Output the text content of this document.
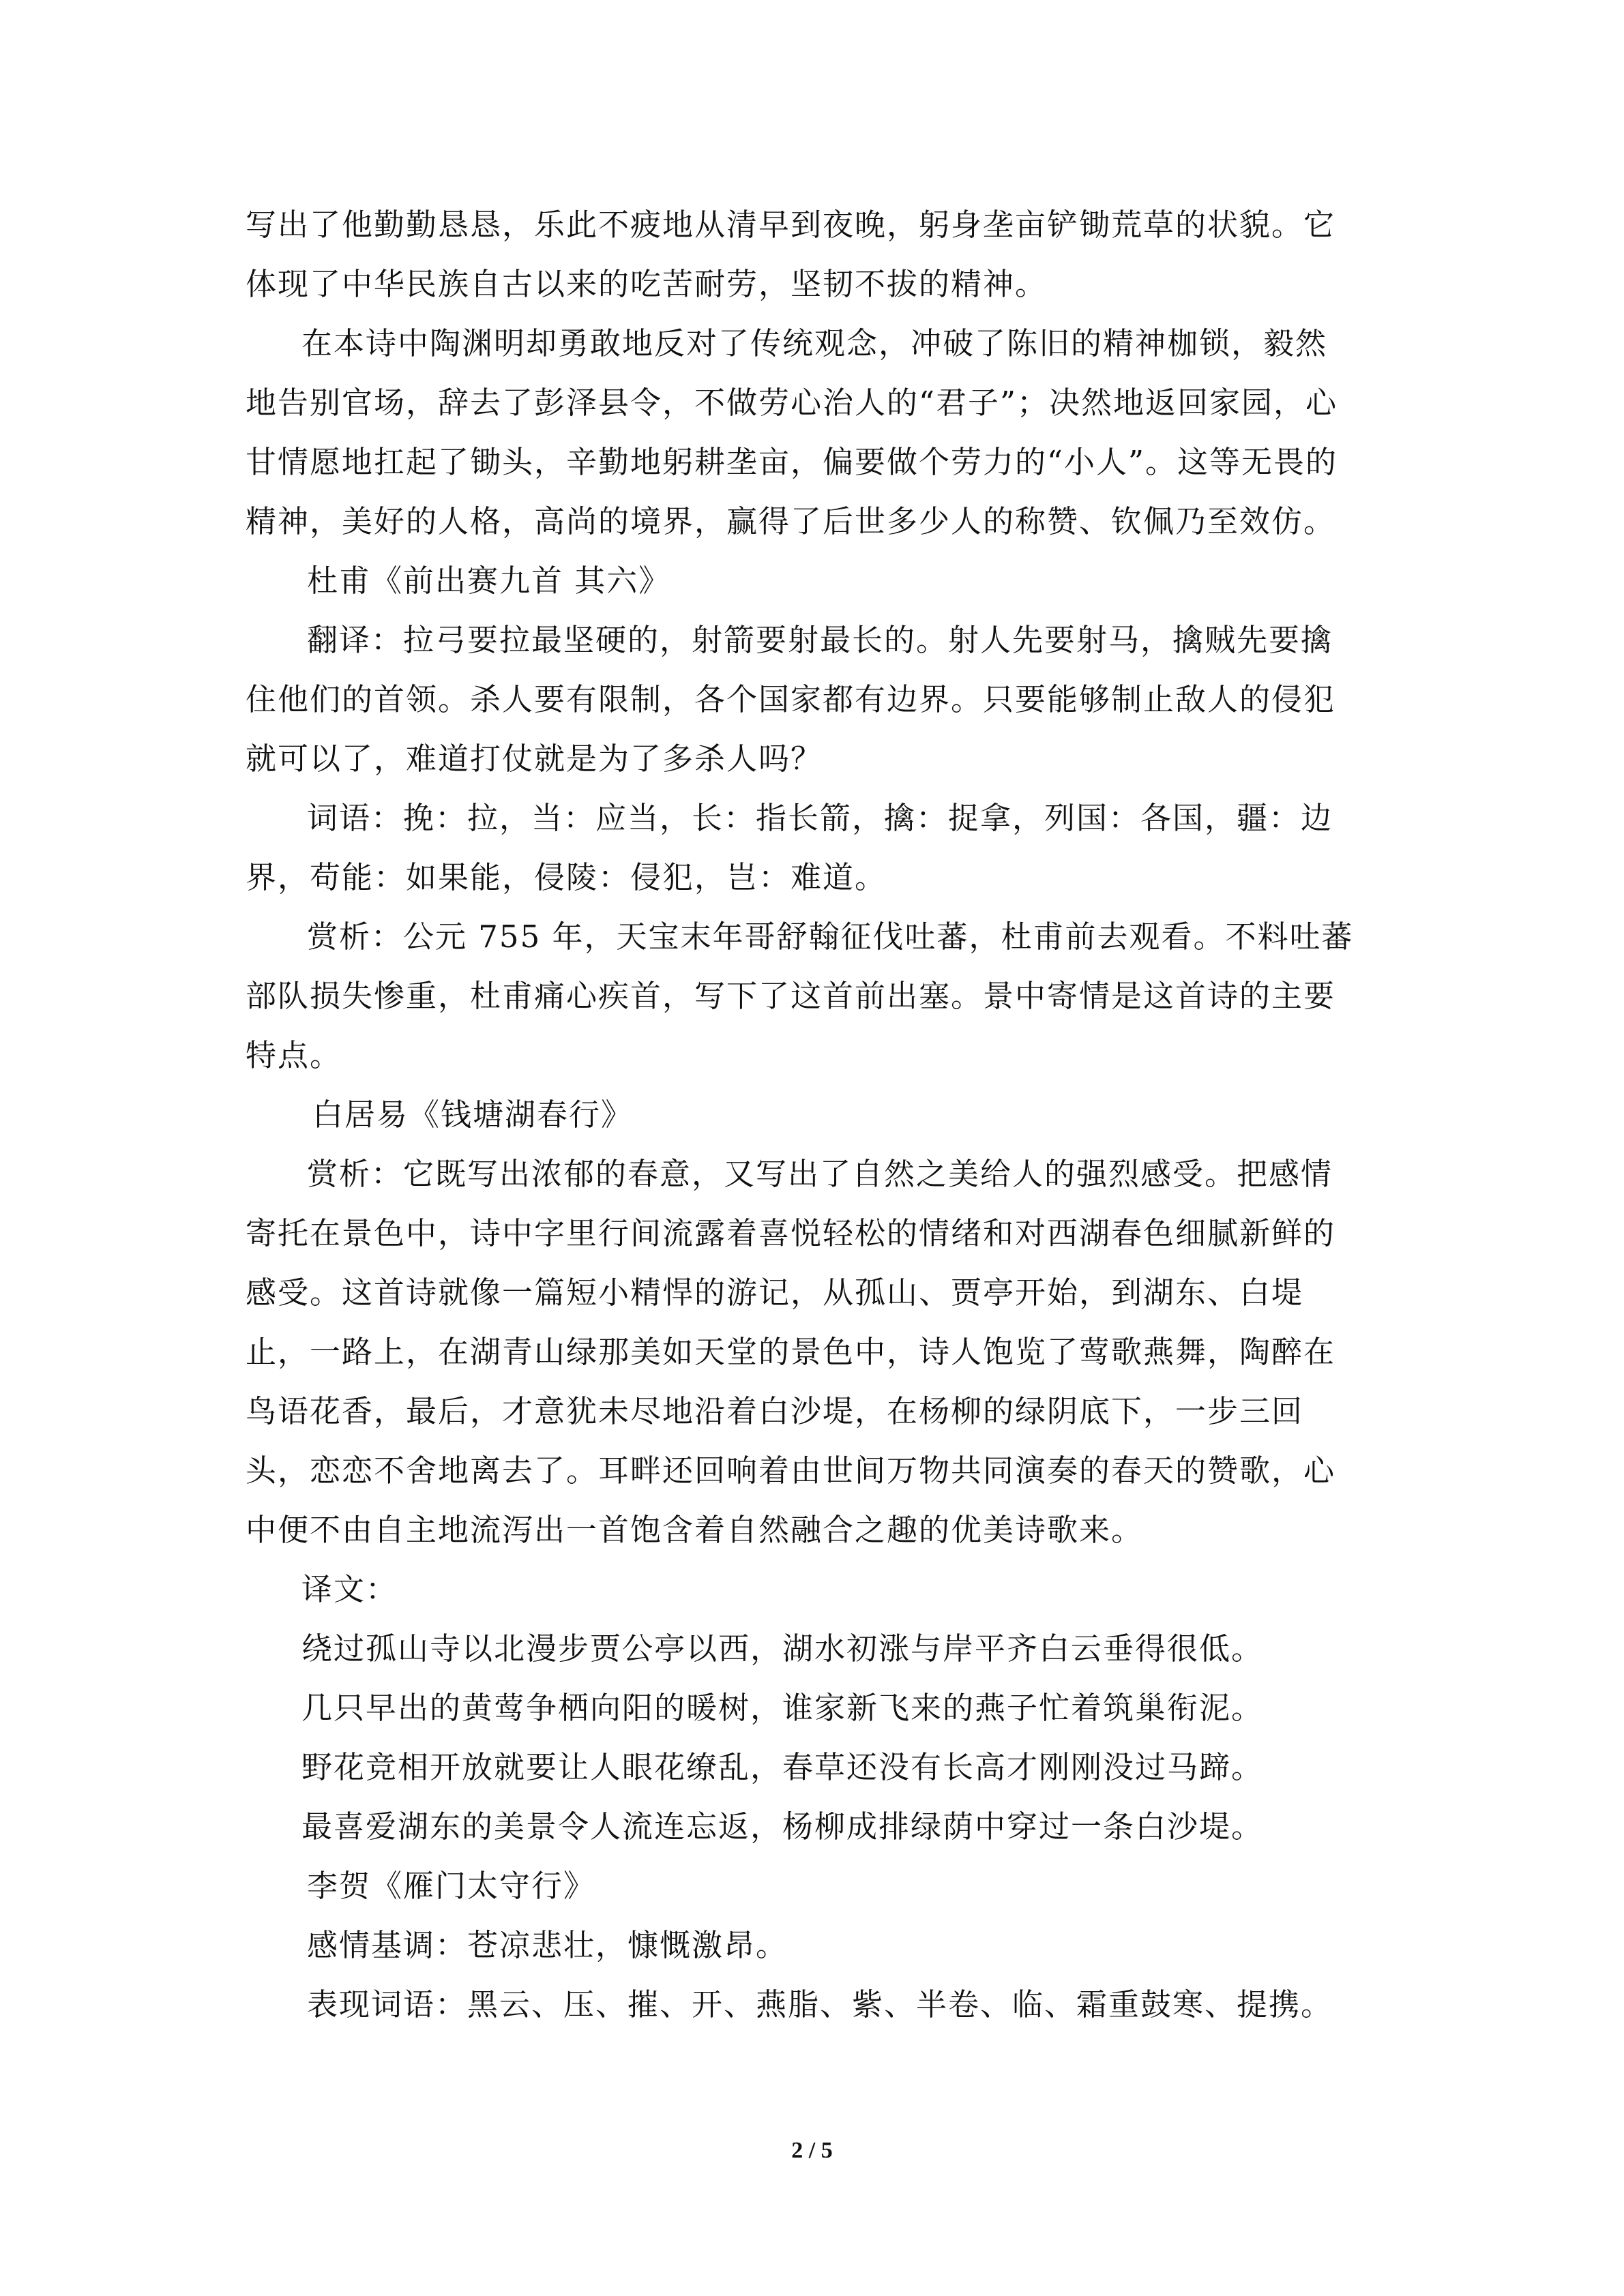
写出了他勤勤恳恳，乐此不疲地从清早到夜晚，躬身垄亩铲锄荒草的状貌。它
体现了中华民族自古以来的吃苦耐劳，坚韧不拔的精神。
在本诗中陶渊明却勇敢地反对了传统观念，冲破了陈旧的精神枷锁，毅然
地告别官场，辞去了彭泽县令，不做劳心治人的“君子”；决然地返回家园，心
甘情愿地扛起了锄头，辛勤地躬耕垄亩，偏要做个劳力的“小人”。这等无畏的
精神，美好的人格，高尚的境界，赢得了后世多少人的称赞、钦佩乃至效仿。
杜甫《前出赛九首 其六》
翻译：拉弓要拉最坚硬的，射箭要射最长的。射人先要射马，擒贼先要擒
住他们的首领。杀人要有限制，各个国家都有边界。只要能够制止敌人的侵犯
就可以了，难道打仗就是为了多杀人吗？
词语：挽：拉，当：应当，长：指长箭，擒：捉拿，列国：各国，疆：边
界，苟能：如果能，侵陵：侵犯，岂：难道。
赏析：公元 755 年，天宝末年哥舒翰征伐吐蕃，杜甫前去观看。不料吐蕃
部队损失惨重，杜甫痛心疾首，写下了这首前出塞。景中寄情是这首诗的主要
特点。
白居易《钱塘湖春行》
赏析：它既写出浓郁的春意，又写出了自然之美给人的强烈感受。把感情
寄托在景色中，诗中字里行间流露着喜悦轻松的情绪和对西湖春色细腻新鲜的
感受。这首诗就像一篇短小精悍的游记，从孤山、贾亭开始，到湖东、白堤
止，一路上，在湖青山绿那美如天堂的景色中，诗人饱览了莺歌燕舞，陶醉在
鸟语花香，最后，才意犹未尽地沿着白沙堤，在杨柳的绿阴底下，一步三回
头，恋恋不舍地离去了。耳畔还回响着由世间万物共同演奏的春天的赞歌，心
中便不由自主地流泻出一首饱含着自然融合之趣的优美诗歌来。
译文：
绕过孤山寺以北漫步贾公亭以西，湖水初涨与岸平齐白云垂得很低。
几只早出的黄莺争栖向阳的暖树，谁家新飞来的燕子忙着筑巢衔泥。
野花竞相开放就要让人眼花缭乱，春草还没有长高才刚刚没过马蹄。
最喜爱湖东的美景令人流连忘返，杨柳成排绿荫中穿过一条白沙堤。
李贺《雁门太守行》
感情基调：苍凉悲壮，慷慨激昂。
表现词语：黑云、压、摧、开、燕脂、紫、半卷、临、霜重鼓寒、提携。
2 / 5
